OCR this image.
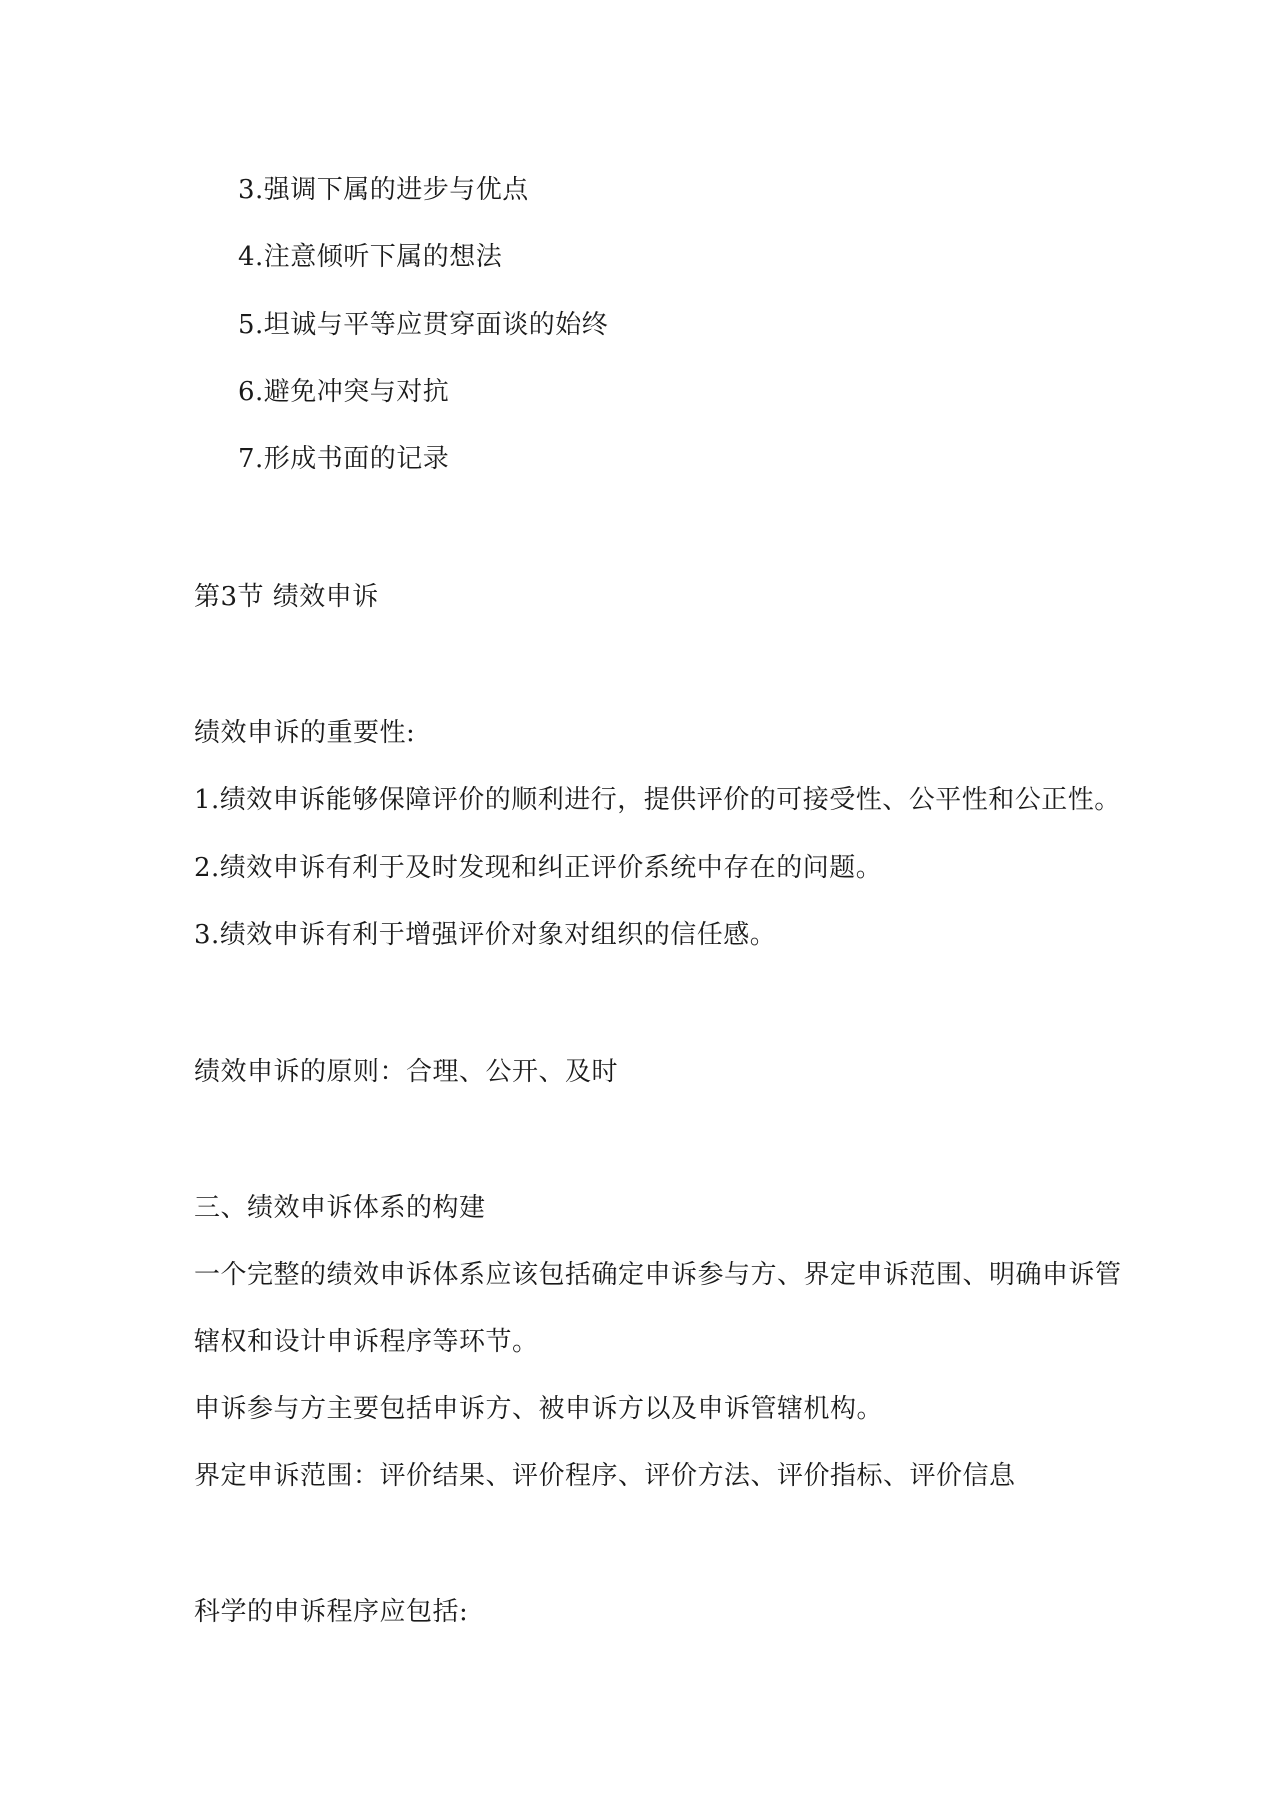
3.强调下属的进步与优点
4.注意倾听下属的想法
5.坦诚与平等应贯穿面谈的始终
6.避免冲突与对抗
7.形成书面的记录
第3节 绩效申诉
绩效申诉的重要性:
1.绩效申诉能够保障评价的顺利进行，提供评价的可接受性、公平性和公正性。
2.绩效申诉有利于及时发现和纠正评价系统中存在的问题。
3.绩效申诉有利于增强评价对象对组织的信任感。
绩效申诉的原则：合理、公开、及时
三、绩效申诉体系的构建
一个完整的绩效申诉体系应该包括确定申诉参与方、界定申诉范围、明确申诉管
辖权和设计申诉程序等环节。
申诉参与方主要包括申诉方、被申诉方以及申诉管辖机构。
界定申诉范围：评价结果、评价程序、评价方法、评价指标、评价信息
科学的申诉程序应包括:
